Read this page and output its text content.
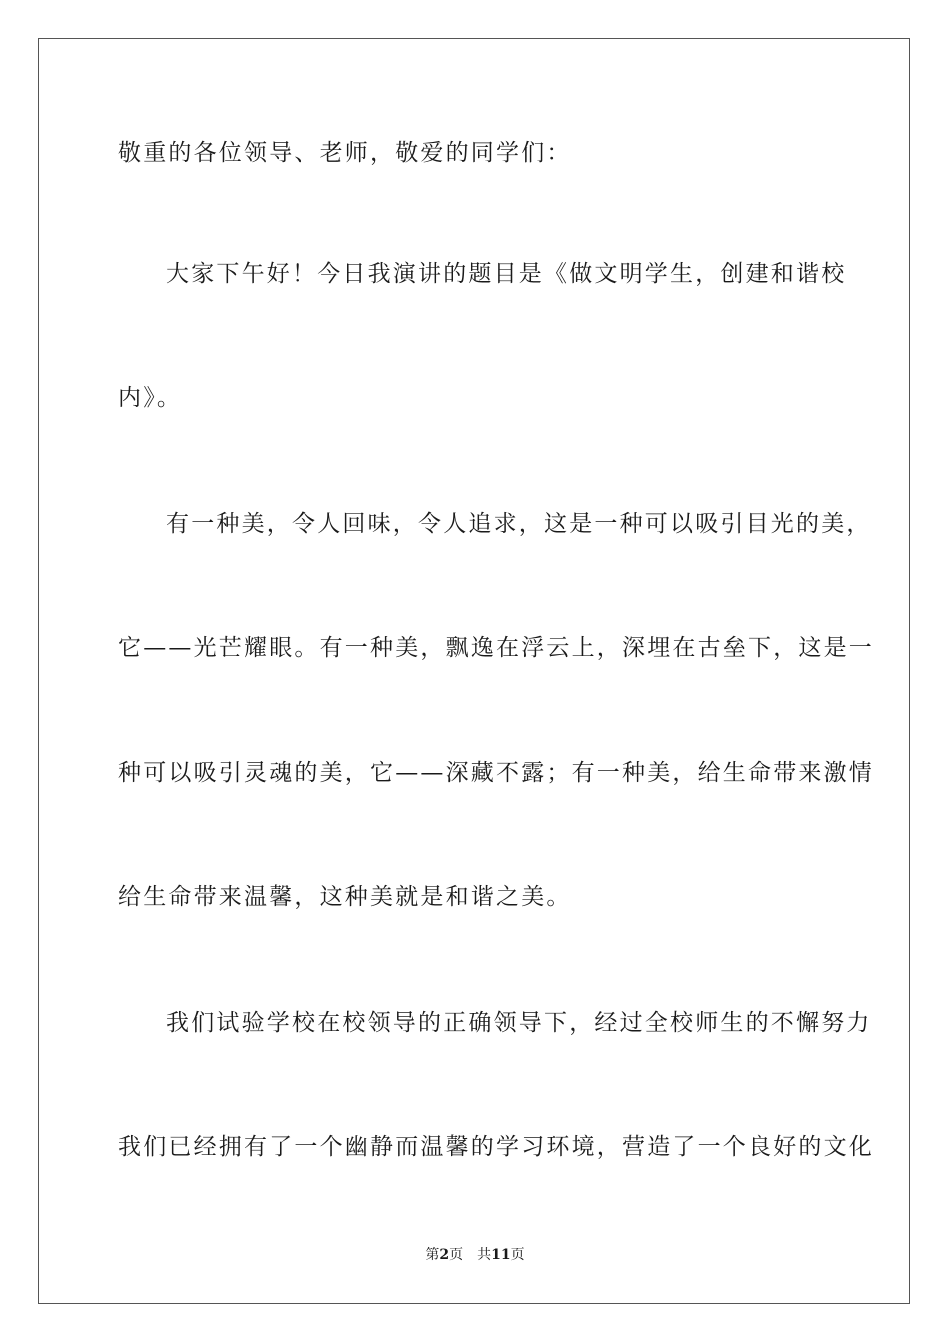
敬重的各位领导、老师，敬爱的同学们：
大家下午好！今日我演讲的题目是《做文明学生，创建和谐校
内》。
有一种美，令人回味，令人追求，这是一种可以吸引目光的美，
它——光芒耀眼。有一种美，飘逸在浮云上，深埋在古垒下，这是一
种可以吸引灵魂的美，它——深藏不露；有一种美，给生命带来激情
给生命带来温馨，这种美就是和谐之美。
我们试验学校在校领导的正确领导下，经过全校师生的不懈努力
我们已经拥有了一个幽静而温馨的学习环境，营造了一个良好的文化
第2页 共11页
